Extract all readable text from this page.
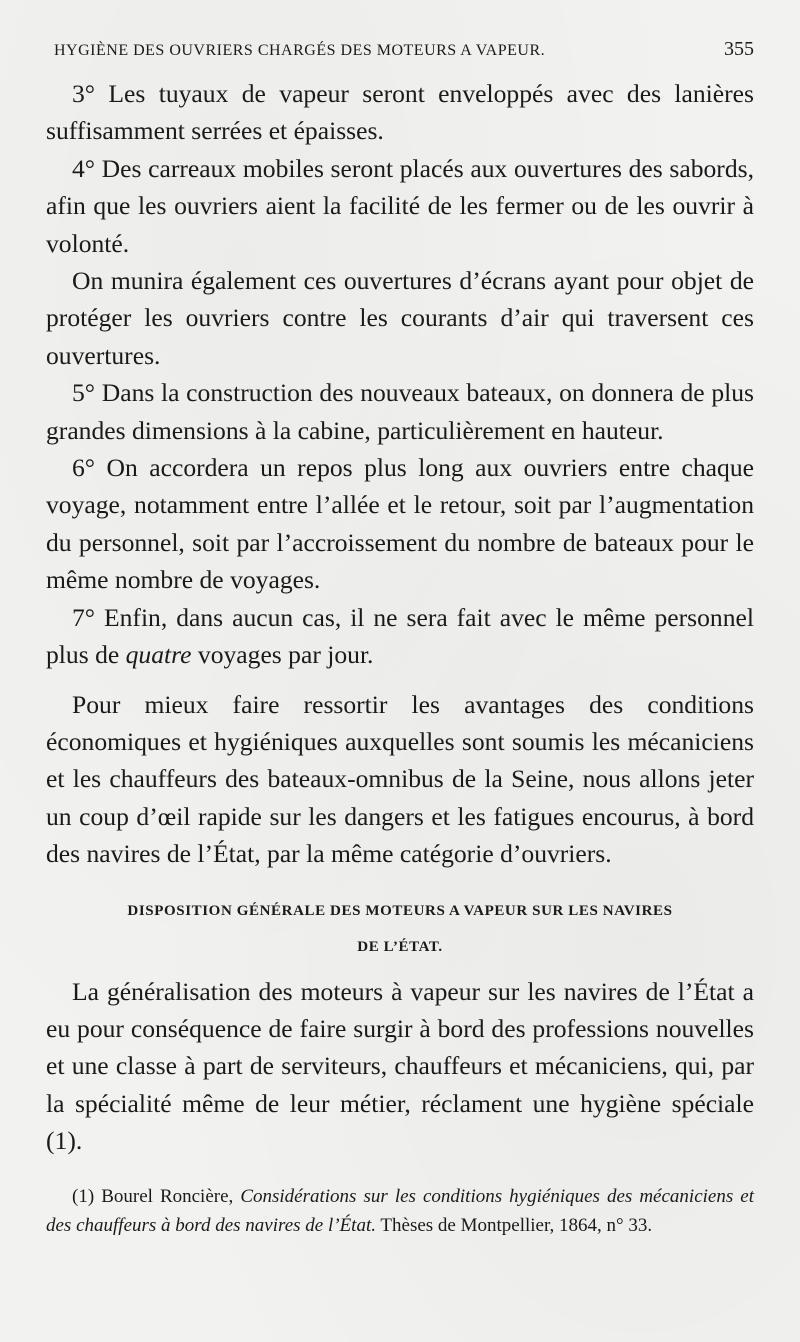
HYGIÈNE DES OUVRIERS CHARGÉS DES MOTEURS A VAPEUR.	355

3° Les tuyaux de vapeur seront enveloppés avec des lanières suffisamment serrées et épaisses.

4° Des carreaux mobiles seront placés aux ouvertures des sabords, afin que les ouvriers aient la facilité de les fermer ou de les ouvrir à volonté.

On munira également ces ouvertures d’écrans ayant pour objet de protéger les ouvriers contre les courants d’air qui traversent ces ouvertures.

5° Dans la construction des nouveaux bateaux, on donnera de plus grandes dimensions à la cabine, particulièrement en hauteur.

6° On accordera un repos plus long aux ouvriers entre chaque voyage, notamment entre l’allée et le retour, soit par l’augmentation du personnel, soit par l’accroissement du nombre de bateaux pour le même nombre de voyages.

7° Enfin, dans aucun cas, il ne sera fait avec le même personnel plus de quatre voyages par jour.

Pour mieux faire ressortir les avantages des conditions économiques et hygiéniques auxquelles sont soumis les mécaniciens et les chauffeurs des bateaux-omnibus de la Seine, nous allons jeter un coup d’œil rapide sur les dangers et les fatigues encourus, à bord des navires de l’État, par la même catégorie d’ouvriers.

DISPOSITION GÉNÉRALE DES MOTEURS A VAPEUR SUR LES NAVIRES
DE L’ÉTAT.

La généralisation des moteurs à vapeur sur les navires de l’État a eu pour conséquence de faire surgir à bord des professions nouvelles et une classe à part de serviteurs, chauffeurs et mécaniciens, qui, par la spécialité même de leur métier, réclament une hygiène spéciale (1).

(1) Bourel Roncière, Considérations sur les conditions hygiéniques des mécaniciens et des chauffeurs à bord des navires de l’État. Thèses de Montpellier, 1864, n° 33.
